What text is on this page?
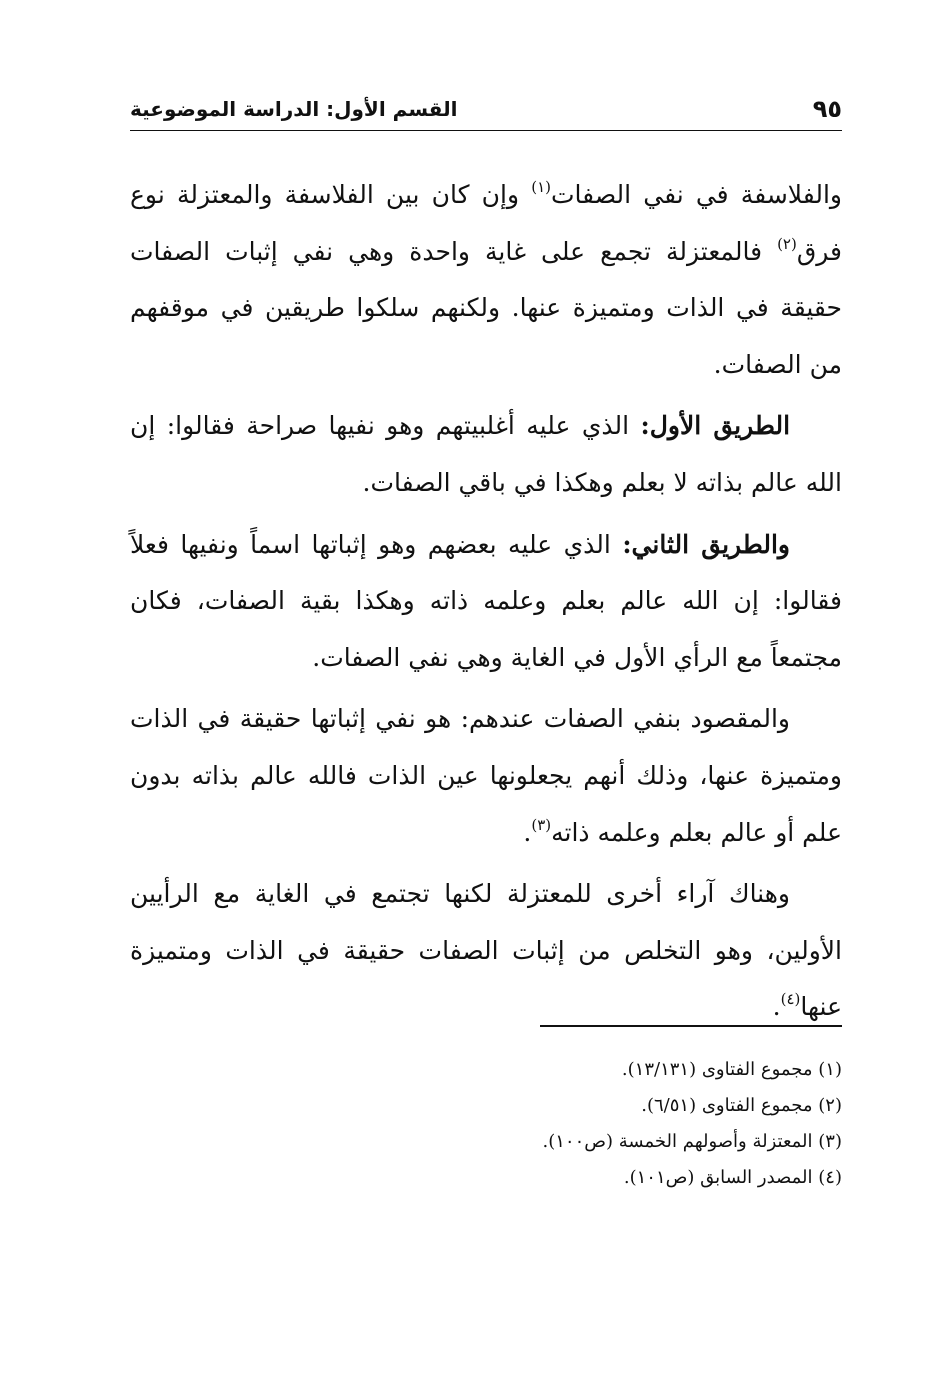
٩٥
القسم الأول: الدراسة الموضوعية

والفلاسفة في نفي الصفات$^{(١)}$ وإن كان بين الفلاسفة والمعتزلة نوع فرق$^{(٢)}$ فالمعتزلة تجمع على غاية واحدة وهي نفي إثبات الصفات حقيقة في الذات ومتميزة عنها. ولكنهم سلكوا طريقين في موقفهم من الصفات.

الطريق الأول: الذي عليه أغلبيتهم وهو نفيها صراحة فقالوا: إن الله عالم بذاته لا بعلم وهكذا في باقي الصفات.

والطريق الثاني: الذي عليه بعضهم وهو إثباتها اسماً ونفيها فعلاً فقالوا: إن الله عالم بعلم وعلمه ذاته وهكذا بقية الصفات، فكان مجتمعاً مع الرأي الأول في الغاية وهي نفي الصفات.

والمقصود بنفي الصفات عندهم: هو نفي إثباتها حقيقة في الذات ومتميزة عنها، وذلك أنهم يجعلونها عين الذات فالله عالم بذاته بدون علم أو عالم بعلم وعلمه ذاته$^{(٣)}$.

وهناك آراء أخرى للمعتزلة لكنها تجتمع في الغاية مع الرأيين الأولين، وهو التخلص من إثبات الصفات حقيقة في الذات ومتميزة عنها$^{(٤)}$.

(١) مجموع الفتاوى (١٣/١٣١).
(٢) مجموع الفتاوى (٦/٥١).
(٣) المعتزلة وأصولهم الخمسة (ص١٠٠).
(٤) المصدر السابق (ص١٠١).
